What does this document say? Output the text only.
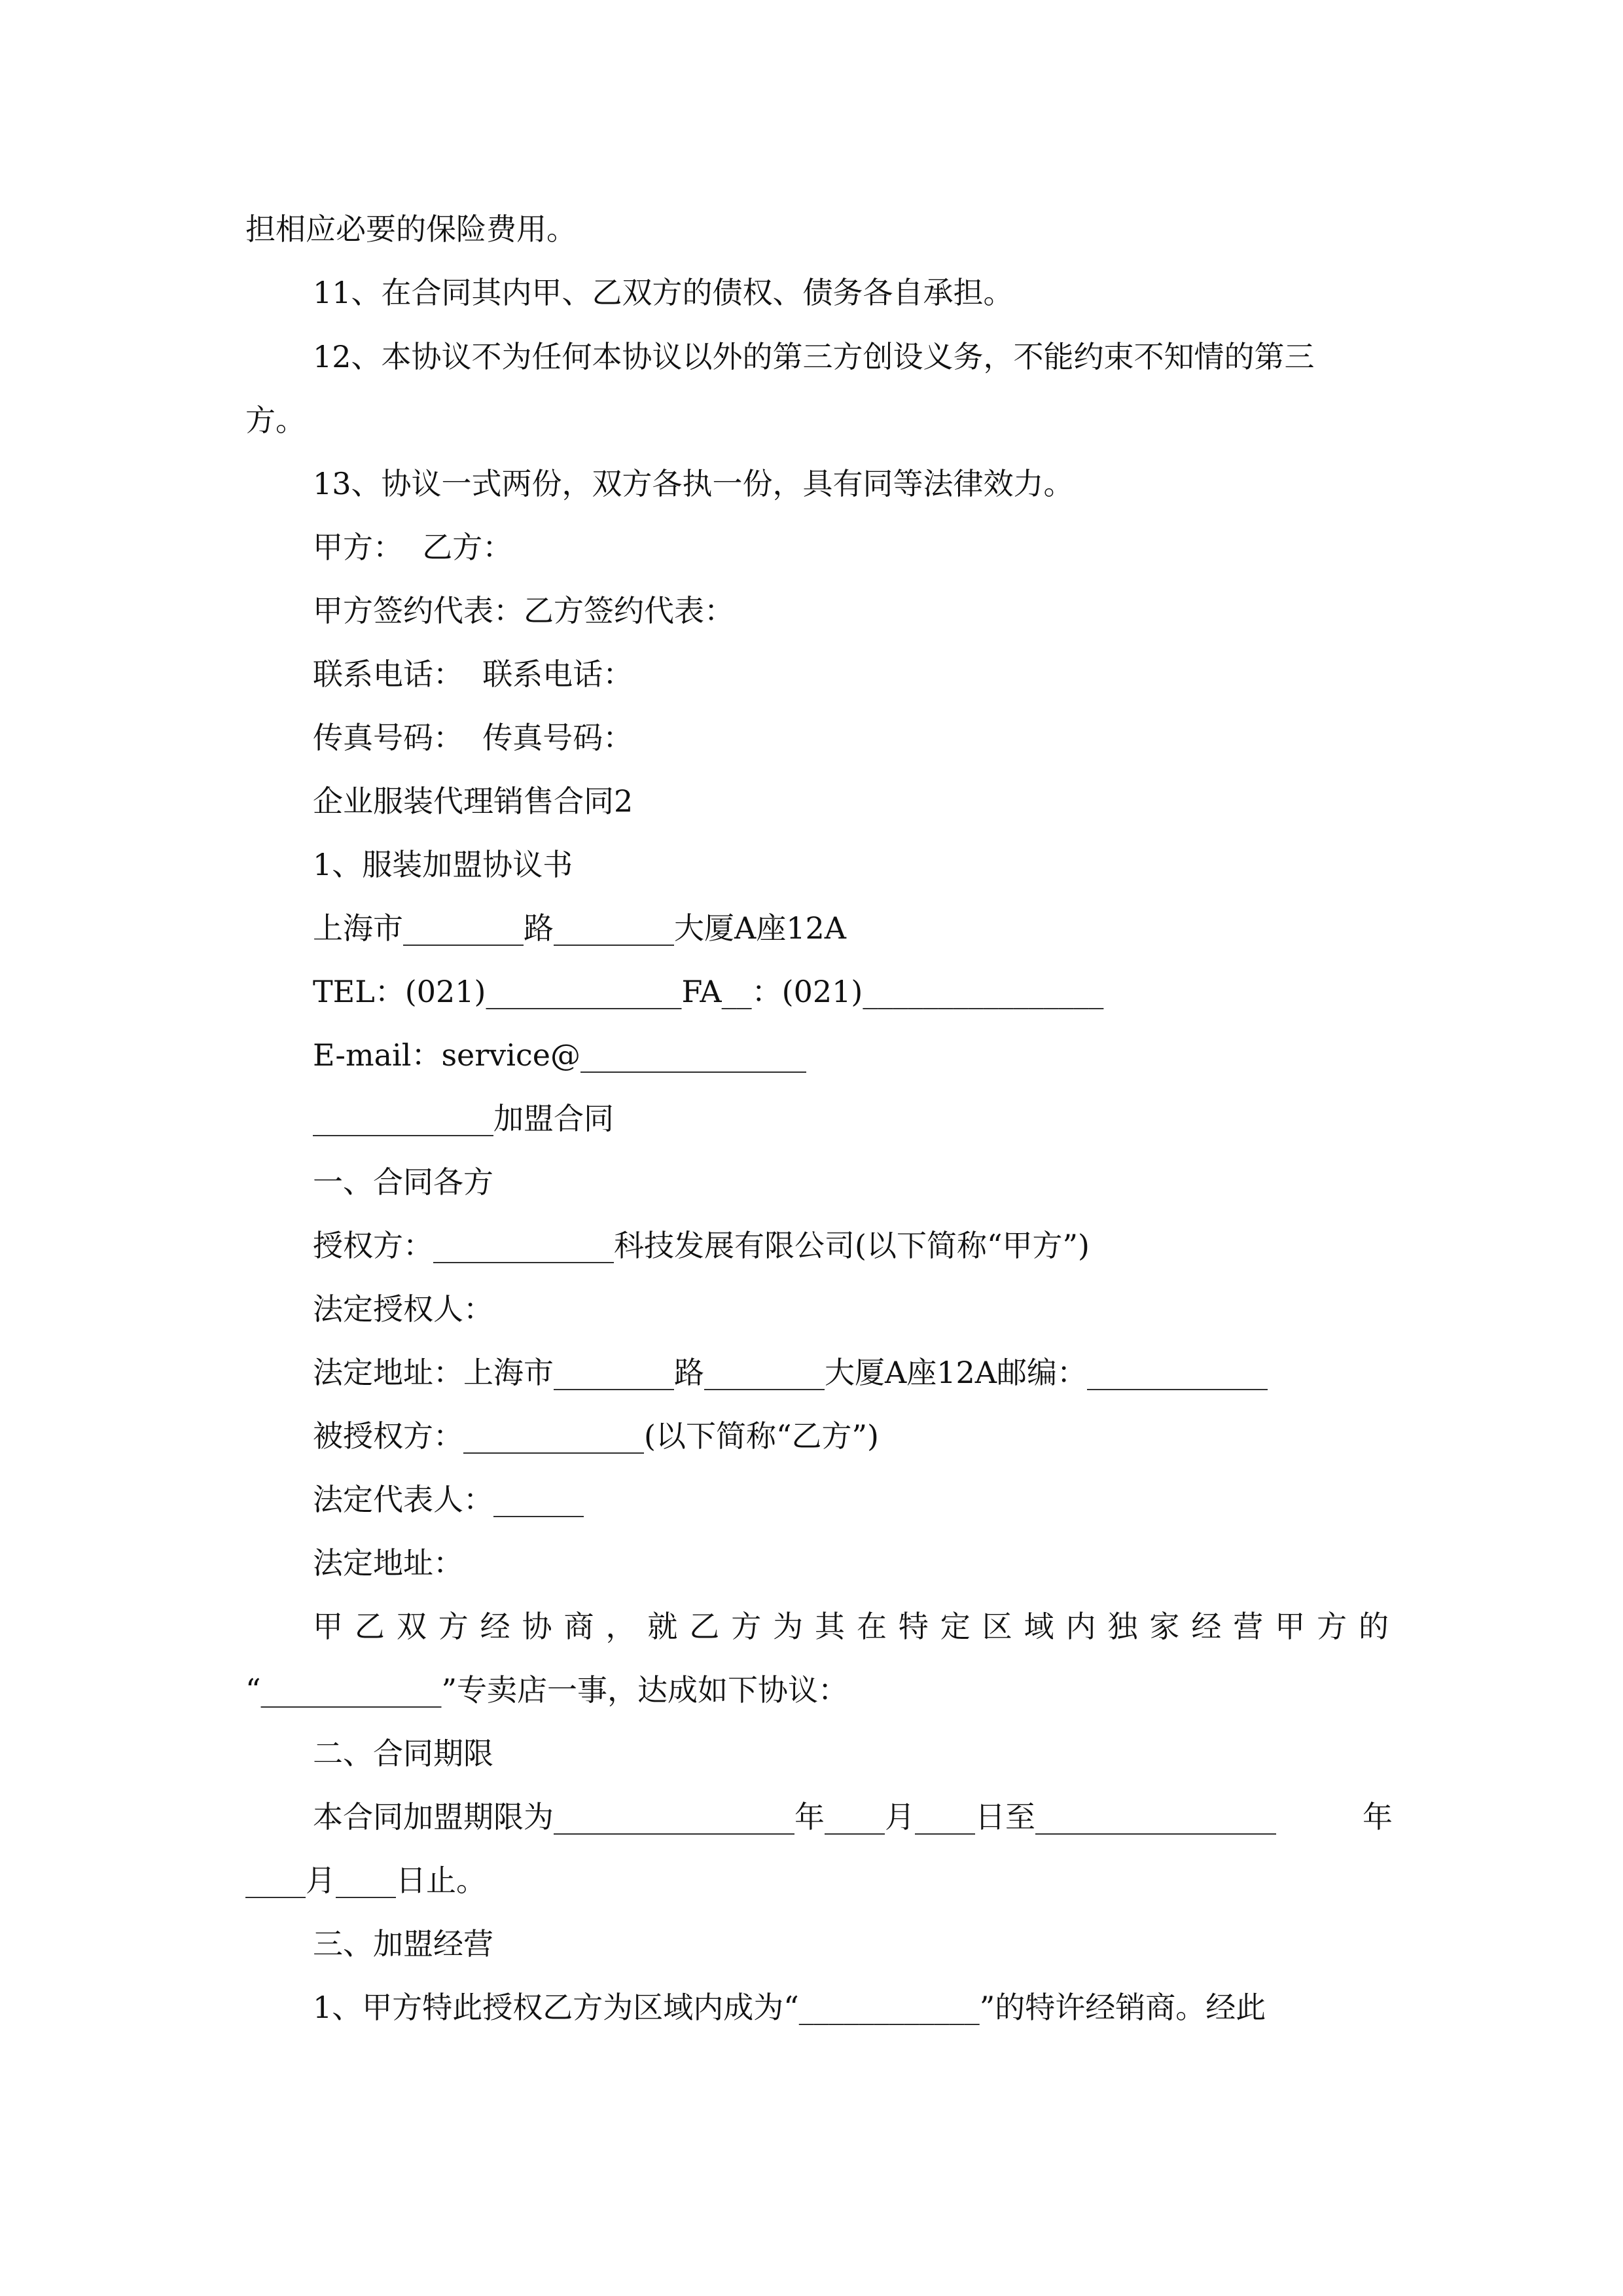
担相应必要的保险费用。
11、在合同其内甲、乙双方的债权、债务各自承担。
12、本协议不为任何本协议以外的第三方创设义务，不能约束不知情的第三
方。
13、协议一式两份，双方各执一份，具有同等法律效力。
甲方：  乙方：
甲方签约代表：乙方签约代表：
联系电话：  联系电话：
传真号码：  传真号码：
企业服装代理销售合同2
1、服装加盟协议书
上海市________路________大厦A座12A
TEL：(021)_____________FA__：(021)________________
E-mail：service@_______________
____________加盟合同
一、合同各方
授权方：____________科技发展有限公司(以下简称“甲方”)
法定授权人：
法定地址：上海市________路________大厦A座12A邮编：____________
被授权方：____________(以下简称“乙方”)
法定代表人：______
法定地址：
甲乙双方经协商，就乙方为其在特定区域内独家经营甲方的
“____________”专卖店一事，达成如下协议：
二、合同期限
本合同加盟期限为________________年____月____日至________________	年
____月____日止。
三、加盟经营
1、甲方特此授权乙方为区域内成为“____________”的特许经销商。经此
